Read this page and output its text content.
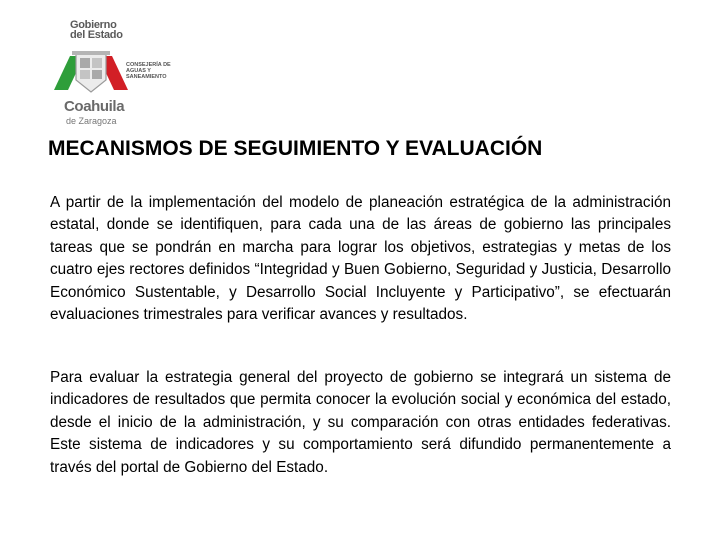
Gobierno
del Estado
CONSEJERÍA DE AGUAS Y SANEAMIENTO
Coahuila
de Zaragoza
MECANISMOS DE SEGUIMIENTO Y EVALUACIÓN

A partir de la implementación del modelo de planeación estratégica de la administración estatal, donde se identifiquen, para cada una de las áreas de gobierno las principales tareas que se pondrán en marcha para lograr los objetivos, estrategias y metas de los cuatro ejes rectores definidos “Integridad y Buen Gobierno, Seguridad y Justicia, Desarrollo Económico Sustentable, y Desarrollo Social Incluyente y Participativo”, se efectuarán evaluaciones trimestrales para verificar avances y resultados.

Para evaluar la estrategia general del proyecto de gobierno se integrará un sistema de indicadores de resultados que permita conocer la evolución social y económica del estado, desde el inicio de la administración, y su comparación con otras entidades federativas. Este sistema de indicadores y su comportamiento será difundido permanentemente a través del portal de Gobierno del Estado.
